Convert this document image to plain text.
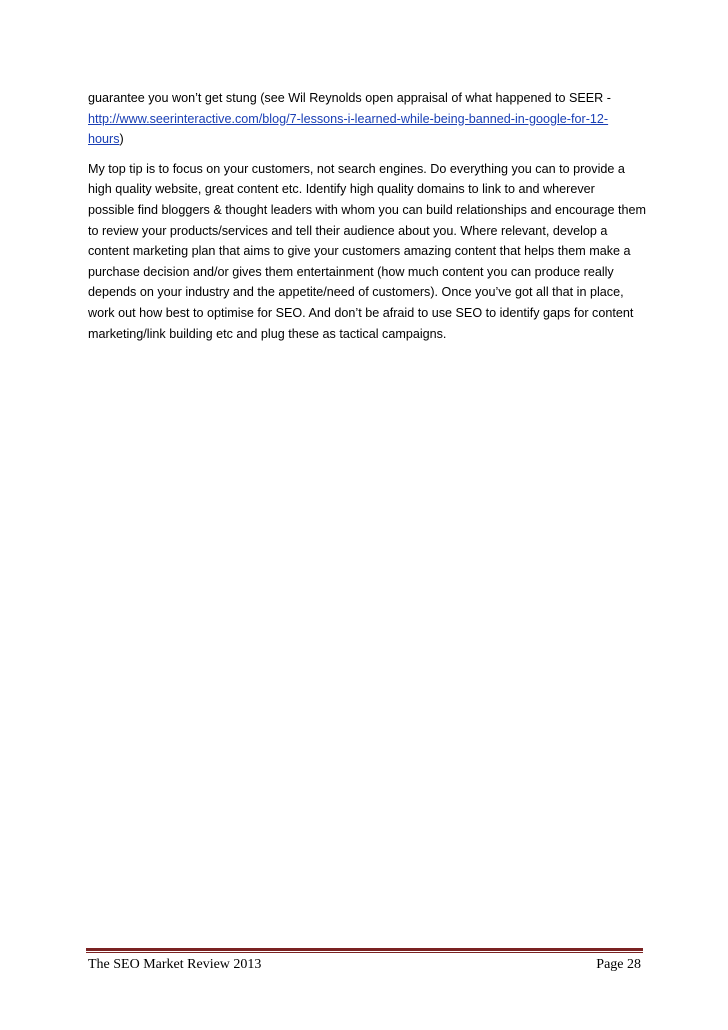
guarantee you won’t get stung (see Wil Reynolds open appraisal of what happened to SEER -
http://www.seerinteractive.com/blog/7-lessons-i-learned-while-being-banned-in-google-for-12-
hours)

My top tip is to focus on your customers, not search engines. Do everything you can to provide a
high quality website, great content etc. Identify high quality domains to link to and wherever
possible find bloggers & thought leaders with whom you can build relationships and encourage them
to review your products/services and tell their audience about you. Where relevant, develop a
content marketing plan that aims to give your customers amazing content that helps them make a
purchase decision and/or gives them entertainment (how much content you can produce really
depends on your industry and the appetite/need of customers). Once you’ve got all that in place,
work out how best to optimise for SEO. And don’t be afraid to use SEO to identify gaps for content
marketing/link building etc and plug these as tactical campaigns.

The SEO Market Review 2013	Page 28
